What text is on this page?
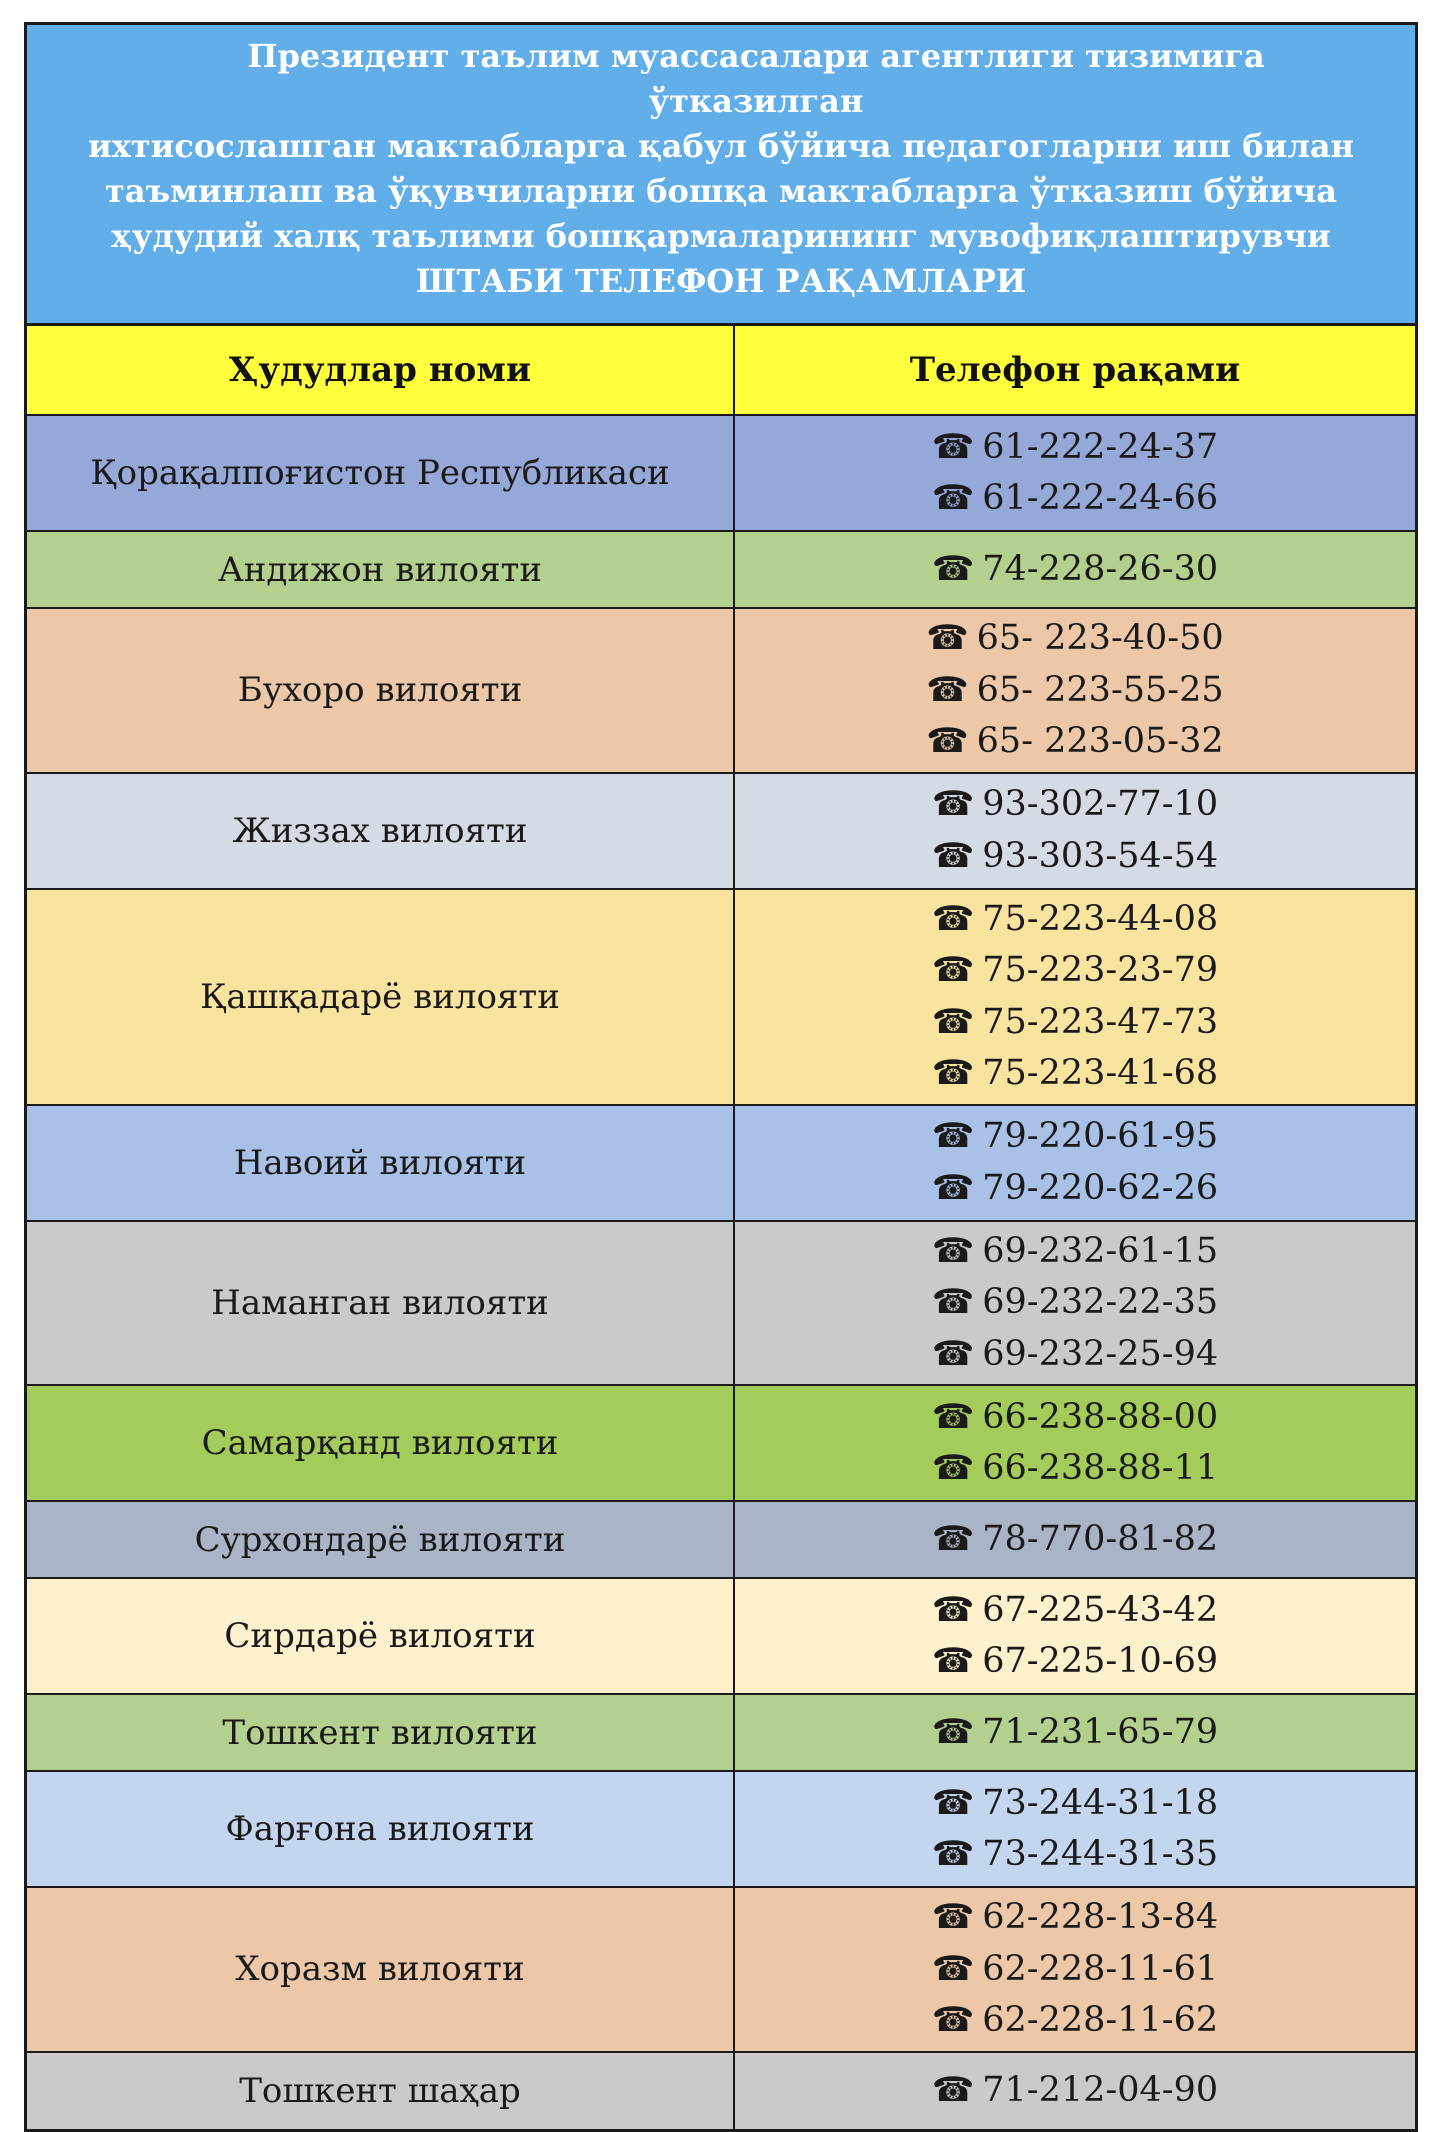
Президент таълим муассасалари агентлиги тизимига ўтказилган
ихтисослашган мактабларга қабул бўйича педагогларни иш билан
таъминлаш ва ўқувчиларни бошқа мактабларга ўтказиш бўйича
ҳудудий халқ таълими бошқармаларининг мувофиқлаштирувчи
ШТАБИ ТЕЛЕФОН РАҚАМЛАРИ
Ҳудудлар номи	Телефон рақами
Қорақалпоғистон Республикаси	☎ 61-222-24-37
☎ 61-222-24-66

Андижон вилояти	☎ 74-228-26-30

Бухоро вилояти	☎ 65- 223-40-50
☎ 65- 223-55-25
☎ 65- 223-05-32

Жиззах вилояти	☎ 93-302-77-10
☎ 93-303-54-54

Қашқадарё вилояти	☎ 75-223-44-08
☎ 75-223-23-79
☎ 75-223-47-73
☎ 75-223-41-68

Навоий вилояти	☎ 79-220-61-95
☎ 79-220-62-26

Наманган вилояти	☎ 69-232-61-15
☎ 69-232-22-35
☎ 69-232-25-94

Самарқанд вилояти	☎ 66-238-88-00
☎ 66-238-88-11

Сурхондарё вилояти	☎ 78-770-81-82

Сирдарё вилояти	☎ 67-225-43-42
☎ 67-225-10-69

Тошкент вилояти	☎ 71-231-65-79

Фарғона вилояти	☎ 73-244-31-18
☎ 73-244-31-35

Хоразм вилояти	☎ 62-228-13-84
☎ 62-228-11-61
☎ 62-228-11-62

Тошкент шаҳар	☎ 71-212-04-90
